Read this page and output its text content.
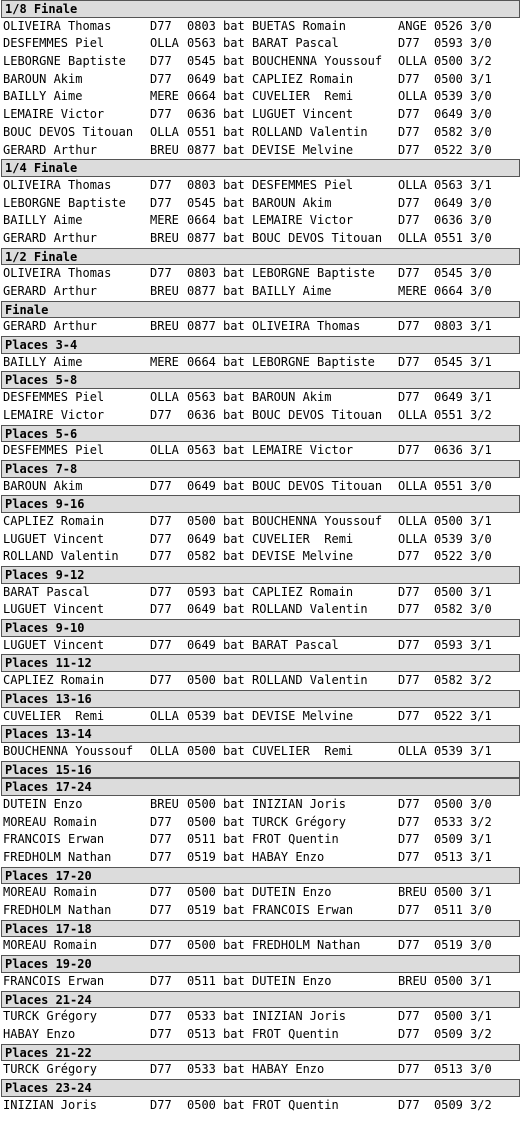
1/8 Finale
OLIVEIRA Thomas	D77 0803 bat BUETAS Romain	ANGE 0526 3/0
DESFEMMES Piel	OLLA 0563 bat BARAT Pascal	D77 0593 3/0
LEBORGNE Baptiste D77 0545 bat BOUCHENNA Youssouf OLLA 0500 3/2
BAROUN Akim	D77 0649 bat CAPLIEZ Romain	D77 0500 3/1
BAILLY Aime	MERE 0664 bat CUVELIER  Remi	OLLA 0539 3/0
LEMAIRE Victor	D77 0636 bat LUGUET Vincent	D77 0649 3/0
BOUC DEVOS Titouan OLLA 0551 bat ROLLAND Valentin	D77 0582 3/0
GERARD Arthur	BREU 0877 bat DEVISE Melvine	D77 0522 3/0
1/4 Finale
OLIVEIRA Thomas	D77 0803 bat DESFEMMES Piel	OLLA 0563 3/1
LEBORGNE Baptiste D77 0545 bat BAROUN Akim	D77 0649 3/0
BAILLY Aime	MERE 0664 bat LEMAIRE Victor	D77 0636 3/0
GERARD Arthur	BREU 0877 bat BOUC DEVOS Titouan OLLA 0551 3/0
1/2 Finale
OLIVEIRA Thomas	D77 0803 bat LEBORGNE Baptiste D77 0545 3/0
GERARD Arthur	BREU 0877 bat BAILLY Aime	MERE 0664 3/0
Finale
GERARD Arthur	BREU 0877 bat OLIVEIRA Thomas	D77 0803 3/1
Places 3-4
BAILLY Aime	MERE 0664 bat LEBORGNE Baptiste D77 0545 3/1
Places 5-8
DESFEMMES Piel	OLLA 0563 bat BAROUN Akim	D77 0649 3/1
LEMAIRE Victor	D77 0636 bat BOUC DEVOS Titouan OLLA 0551 3/2
Places 5-6
DESFEMMES Piel	OLLA 0563 bat LEMAIRE Victor	D77 0636 3/1
Places 7-8
BAROUN Akim	D77 0649 bat BOUC DEVOS Titouan OLLA 0551 3/0
Places 9-16
CAPLIEZ Romain	D77 0500 bat BOUCHENNA Youssouf OLLA 0500 3/1
LUGUET Vincent	D77 0649 bat CUVELIER  Remi	OLLA 0539 3/0
ROLLAND Valentin	D77 0582 bat DEVISE Melvine	D77 0522 3/0
Places 9-12
BARAT Pascal	D77 0593 bat CAPLIEZ Romain	D77 0500 3/1
LUGUET Vincent	D77 0649 bat ROLLAND Valentin	D77 0582 3/0
Places 9-10
LUGUET Vincent	D77 0649 bat BARAT Pascal	D77 0593 3/1
Places 11-12
CAPLIEZ Romain	D77 0500 bat ROLLAND Valentin	D77 0582 3/2
Places 13-16
CUVELIER  Remi	OLLA 0539 bat DEVISE Melvine	D77 0522 3/1
Places 13-14
BOUCHENNA Youssouf OLLA 0500 bat CUVELIER  Remi	OLLA 0539 3/1
Places 15-16
Places 17-24
DUTEIN Enzo	BREU 0500 bat INIZIAN Joris	D77 0500 3/0
MOREAU Romain	D77 0500 bat TURCK Grégory	D77 0533 3/2
FRANCOIS Erwan	D77 0511 bat FROT Quentin	D77 0509 3/1
FREDHOLM Nathan	D77 0519 bat HABAY Enzo	D77 0513 3/1
Places 17-20
MOREAU Romain	D77 0500 bat DUTEIN Enzo	BREU 0500 3/1
FREDHOLM Nathan	D77 0519 bat FRANCOIS Erwan	D77 0511 3/0
Places 17-18
MOREAU Romain	D77 0500 bat FREDHOLM Nathan	D77 0519 3/0
Places 19-20
FRANCOIS Erwan	D77 0511 bat DUTEIN Enzo	BREU 0500 3/1
Places 21-24
TURCK Grégory	D77 0533 bat INIZIAN Joris	D77 0500 3/1
HABAY Enzo	D77 0513 bat FROT Quentin	D77 0509 3/2
Places 21-22
TURCK Grégory	D77 0533 bat HABAY Enzo	D77 0513 3/0
Places 23-24
INIZIAN Joris	D77 0500 bat FROT Quentin	D77 0509 3/2
